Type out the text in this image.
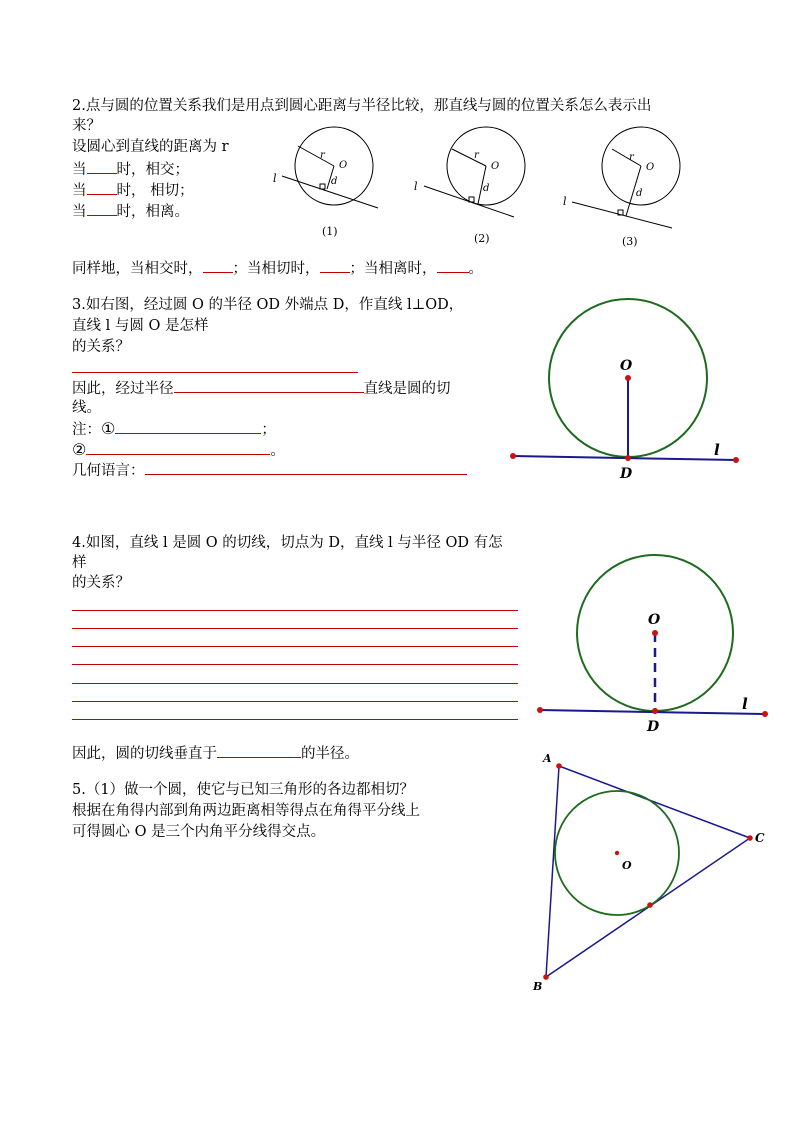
2.点与圆的位置关系我们是用点到圆心距离与半径比较，那直线与圆的位置关系怎么表示出
来？
设圆心到直线的距离为 r
当 时，相交；
当 时， 相切；
当 时，相离。
r
O
d
l
(1)
r
O
d
l
(2)
r
O
d
l
(3)
同样地，当相交时， ；当相切时， ；当相离时， 。
3.如右图，经过圆 O 的半径 OD 外端点 D，作直线 l⊥OD，
直线 l 与圆 O 是怎样
的关系？
因此，经过半径	直线是圆的切
线。
注：①	；
②	。
几何语言：
O
D
l
4.如图，直线 l 是圆 O 的切线，切点为 D，直线 l 与半径 OD 有怎
样
的关系？
因此，圆的切线垂直于	的半径。
O
D
l
5.（1）做一个圆，使它与已知三角形的各边都相切？
根据在角得内部到角两边距离相等得点在角得平分线上
可得圆心 O 是三个内角平分线得交点。
A
B
C
O
